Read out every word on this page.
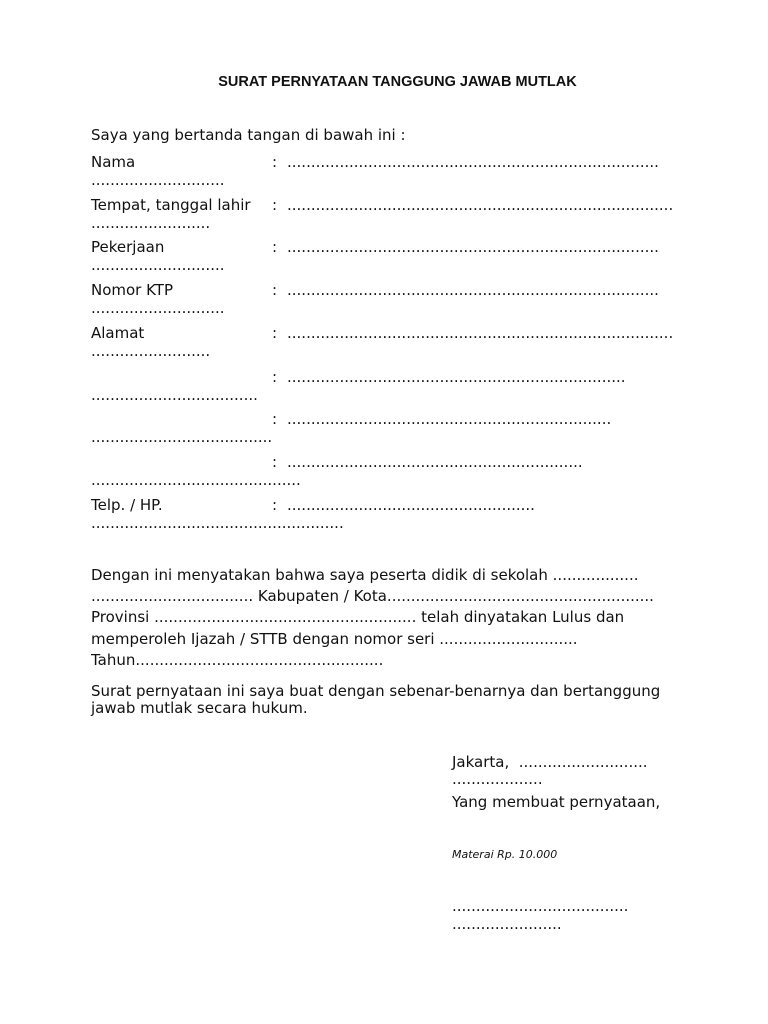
SURAT PERNYATAAN TANGGUNG JAWAB MUTLAK
Saya yang bertanda tangan di bawah ini :
Nama	: ..............................................................................
............................
Tempat, tanggal lahir : .................................................................................
.........................
Pekerjaan	: ..............................................................................
............................
Nomor KTP	: ..............................................................................
............................
Alamat	: .................................................................................
.........................
: .......................................................................
...................................
: ....................................................................
......................................
: ..............................................................
............................................
Telp. / HP.	: ....................................................
.....................................................
Dengan ini menyatakan bahwa saya peserta didik di sekolah ..................
.................................. Kabupaten / Kota........................................................
Provinsi ....................................................... telah dinyatakan Lulus dan
memperoleh Ijazah / STTB dengan nomor seri .............................
Tahun....................................................
Surat pernyataan ini saya buat dengan sebenar-benarnya dan bertanggung
jawab mutlak secara hukum.
Jakarta,  ...........................
...................
Yang membuat pernyataan,
Materai Rp. 10.000
.....................................
.......................
